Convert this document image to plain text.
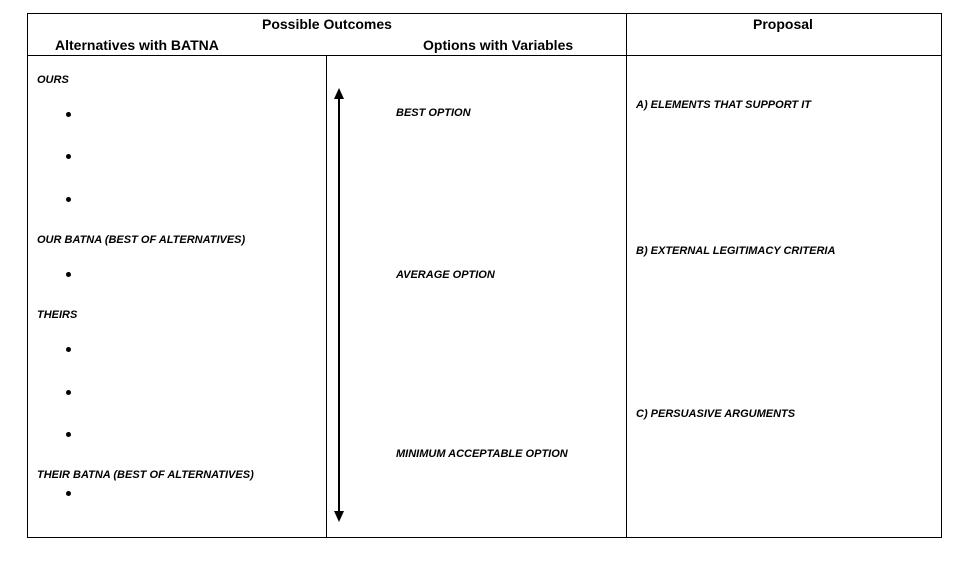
Possible Outcomes
Alternatives with BATNA	Options with Variables
Proposal
OURS
OUR BATNA (BEST OF ALTERNATIVES)
THEIRS
THEIR BATNA (BEST OF ALTERNATIVES)
BEST OPTION
AVERAGE OPTION
MINIMUM ACCEPTABLE OPTION
A) ELEMENTS THAT SUPPORT IT
B) EXTERNAL LEGITIMACY CRITERIA
C) PERSUASIVE ARGUMENTS
